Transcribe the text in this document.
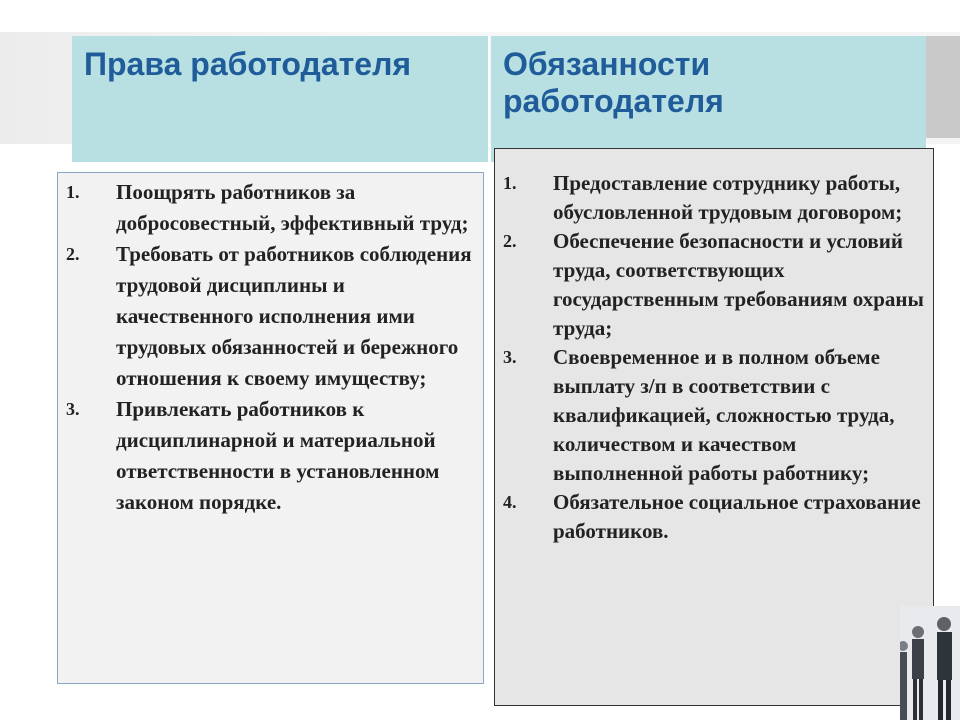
Права работодателя	Обязанности работодателя
1.	Поощрять работников за добросовестный, эффективный труд;
2.	Требовать от работников соблюдения трудовой дисциплины и качественного исполнения ими трудовых обязанностей и бережного отношения к своему имуществу;
3.	Привлекать работников к дисциплинарной и материальной ответственности в установленном законом порядке.
1.	Предоставление сотруднику работы, обусловленной трудовым договором;
2.	Обеспечение безопасности и условий труда, соответствующих государственным требованиям охраны труда;
3.	Своевременное и в полном объеме выплату з/п в соответствии с квалификацией, сложностью труда, количеством и качеством выполненной работы работнику;
4.	Обязательное социальное страхование работников.
